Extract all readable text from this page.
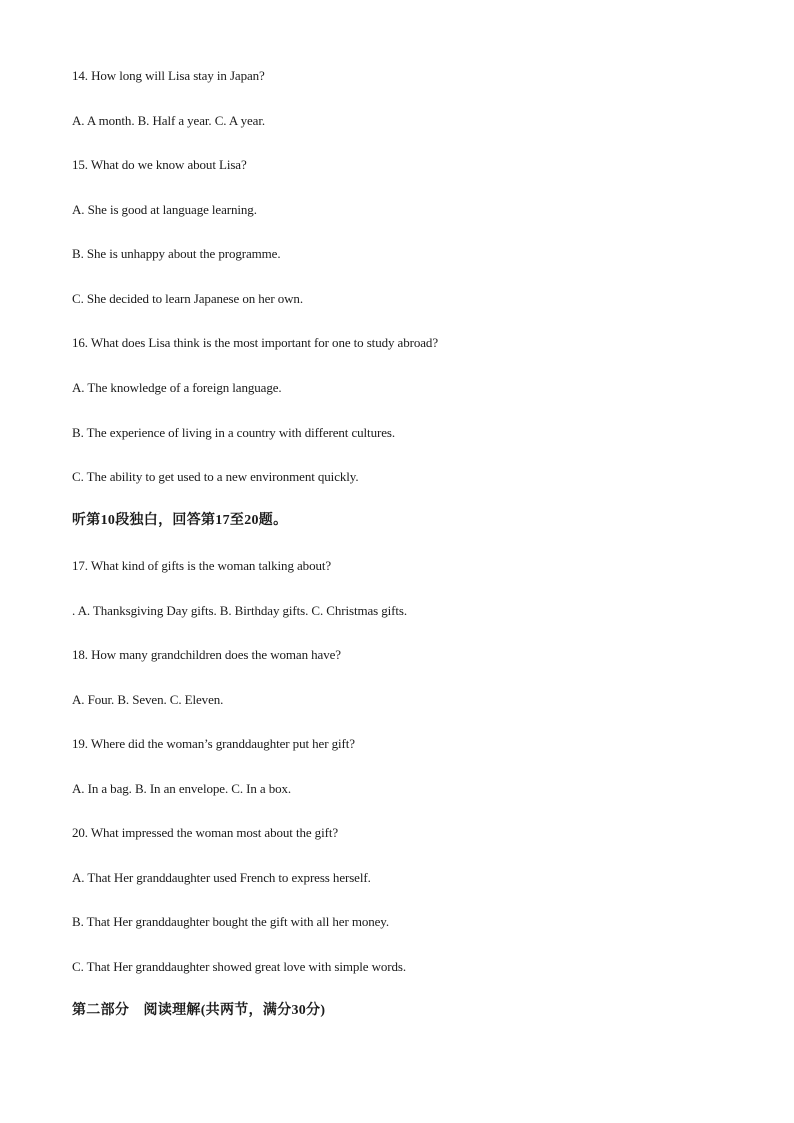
14. How long will Lisa stay in Japan?
A. A month. B. Half a year. C. A year.
15. What do we know about Lisa?
A. She is good at language learning.
B. She is unhappy about the programme.
C. She decided to learn Japanese on her own.
16. What does Lisa think is the most important for one to study abroad?
A. The knowledge of a foreign language.
B. The experience of living in a country with different cultures.
C. The ability to get used to a new environment quickly.
听第10段独白，回答第17至20题。
17. What kind of gifts is the woman talking about?
. A. Thanksgiving Day gifts. B. Birthday gifts. C. Christmas gifts.
18. How many grandchildren does the woman have?
A. Four. B. Seven. C. Eleven.
19. Where did the woman’s granddaughter put her gift?
A. In a bag. B. In an envelope. C. In a box.
20. What impressed the woman most about the gift?
A. That Her granddaughter used French to express herself.
B. That Her granddaughter bought the gift with all her money.
C. That Her granddaughter showed great love with simple words.
第二部分　阅读理解(共两节，满分30分)
